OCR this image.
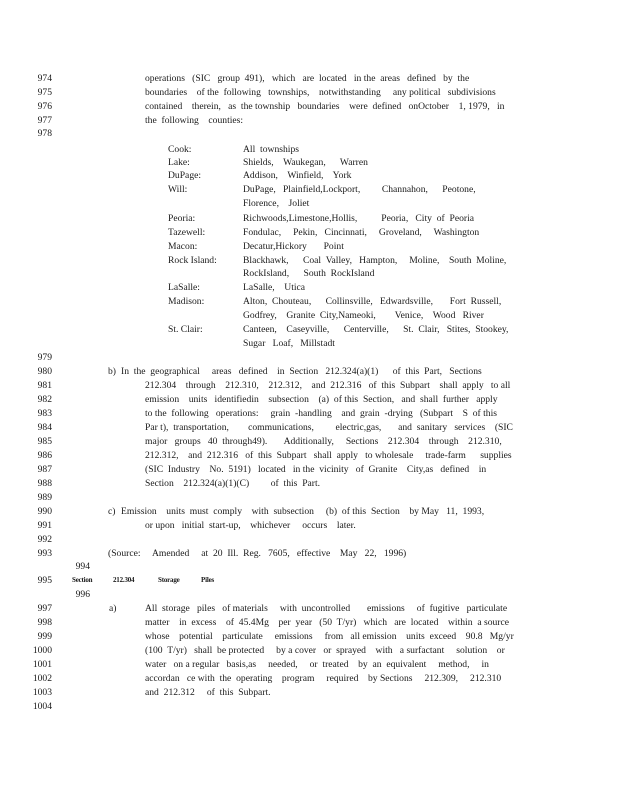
974
975
976
977
978
979
980
981
982
983
984
985
986
987
988
989
990
991
992
993
994
995
996
997
998
999
1000
1001
1002
1003
1004
operations   (SIC   group  491),   which   are  located   in the  areas   defined   by  the
boundaries    of the  following   townships,    notwithstanding     any political   subdivisions
contained    therein,   as  the township   boundaries    were  defined   onOctober    1, 1979,   in
the  following    counties:
Cook:	All  townships
Lake:	Shields,    Waukegan,      Warren
DuPage:	Addison,    Winfield,    York
Will:	DuPage,   Plainfield,Lockport,         Channahon,      Peotone,
Florence,    Joliet
Peoria:	Richwoods,Limestone,Hollis,          Peoria,   City  of  Peoria
Tazewell:	Fondulac,     Pekin,   Cincinnati,     Groveland,     Washington
Macon:	Decatur,Hickory       Point
Rock Island:	Blackhawk,      Coal  Valley,   Hampton,     Moline,    South  Moline,
RockIsland,      South  RockIsland
LaSalle:	LaSalle,    Utica
Madison:	Alton,  Chouteau,      Collinsville,   Edwardsville,       Fort  Russell,
Godfrey,    Granite  City,Nameoki,        Venice,    Wood   River
St. Clair:	Canteen,    Caseyville,      Centerville,      St.  Clair,   Stites,  Stookey,
Sugar   Loaf,   Millstadt
b) In  the  geographical     areas   defined    in  Section   212.324(a)(1)      of  this  Part,   Sections
212.304    through    212.310,    212.312,    and  212.316   of  this  Subpart    shall  apply   to all
emission    units   identifiedin    subsection    (a)  of this  Section,   and  shall  further   apply
to the  following   operations:     grain  -handling    and  grain  -drying   (Subpart    S  of this
Par t),  transportation,        communications,         electric,gas,       and  sanitary   services    (SIC
major   groups   40  through49).       Additionally,     Sections    212.304    through    212.310,
212.312,    and  212.316   of  this  Subpart   shall  apply   to wholesale     trade-farm      supplies
(SIC  Industry    No.  5191)   located   in the  vicinity   of  Granite    City,as   defined    in
Section    212.324(a)(1)(C)         of  this  Part.
c) Emission    units  must  comply    with  subsection     (b)  of this  Section    by May   11,  1993,
or upon   initial  start-up,    whichever     occurs    later.
(Source:     Amended     at  20  Ill.  Reg.   7605,   effective    May   22,   1996)
Section	212.304	Storage	Piles
a)	All  storage   piles   of materials     with  uncontrolled       emissions     of  fugitive   particulate
matter    in  excess    of  45.4Mg    per  year   (50  T/yr)   which   are  located    within  a source
whose    potential    particulate     emissions     from   all emission    units  exceed    90.8   Mg/yr
(100  T/yr)   shall  be protected     by a cover   or  sprayed    with   a surfactant     solution    or
water   on a regular   basis,as     needed,     or  treated    by  an  equivalent     method,     in
accordan   ce with  the  operating    program     required    by Sections     212.309,     212.310
and  212.312     of  this  Subpart.
